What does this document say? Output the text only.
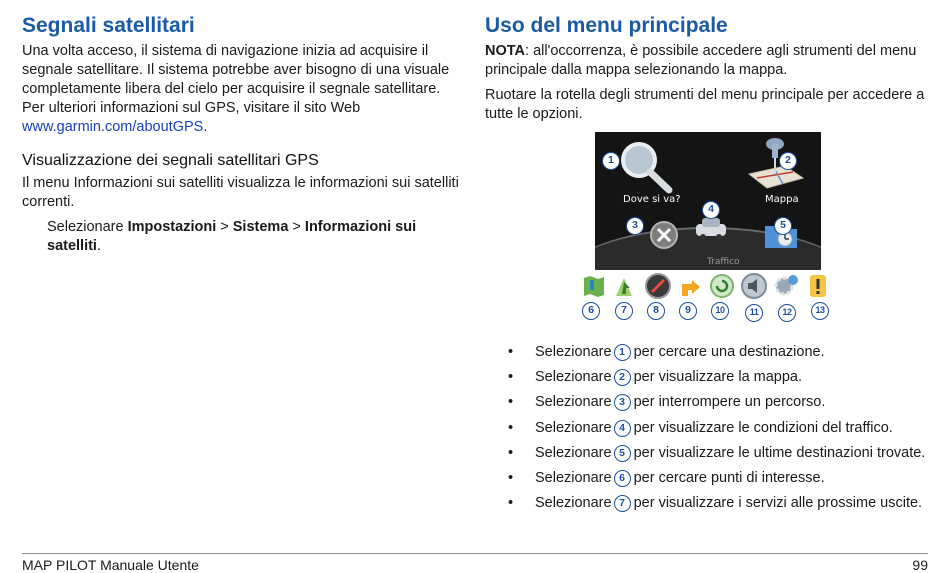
Segnali satellitari

Una volta acceso, il sistema di navigazione inizia ad acquisire il segnale satellitare. Il sistema potrebbe aver bisogno di una visuale completamente libera del cielo per acquisire il segnale satellitare. Per ulteriori informazioni sul GPS, visitare il sito Web
www.garmin.com/aboutGPS.

Visualizzazione dei segnali satellitari GPS

Il menu Informazioni sui satelliti visualizza le informazioni sui satelliti correnti.

Selezionare Impostazioni > Sistema > Informazioni sui satelliti.

Uso del menu principale

NOTA: all'occorrenza, è possibile accedere agli strumenti del menu principale dalla mappa selezionando la mappa.

Ruotare la rotella degli strumenti del menu principale per accedere a tutte le opzioni.

Dove si va?	Mappa
Traffico
1	2
3
4
5
6	7	8	9	10	11	12	13
•	Selezionare 1 per cercare una destinazione.
•	Selezionare 2 per visualizzare la mappa.
•	Selezionare 3 per interrompere un percorso.
•	Selezionare 4 per visualizzare le condizioni del traffico.
•	Selezionare 5 per visualizzare le ultime destinazioni trovate.
•	Selezionare 6 per cercare punti di interesse.
•	Selezionare 7 per visualizzare i servizi alle prossime uscite.
MAP PILOT Manuale Utente	99
